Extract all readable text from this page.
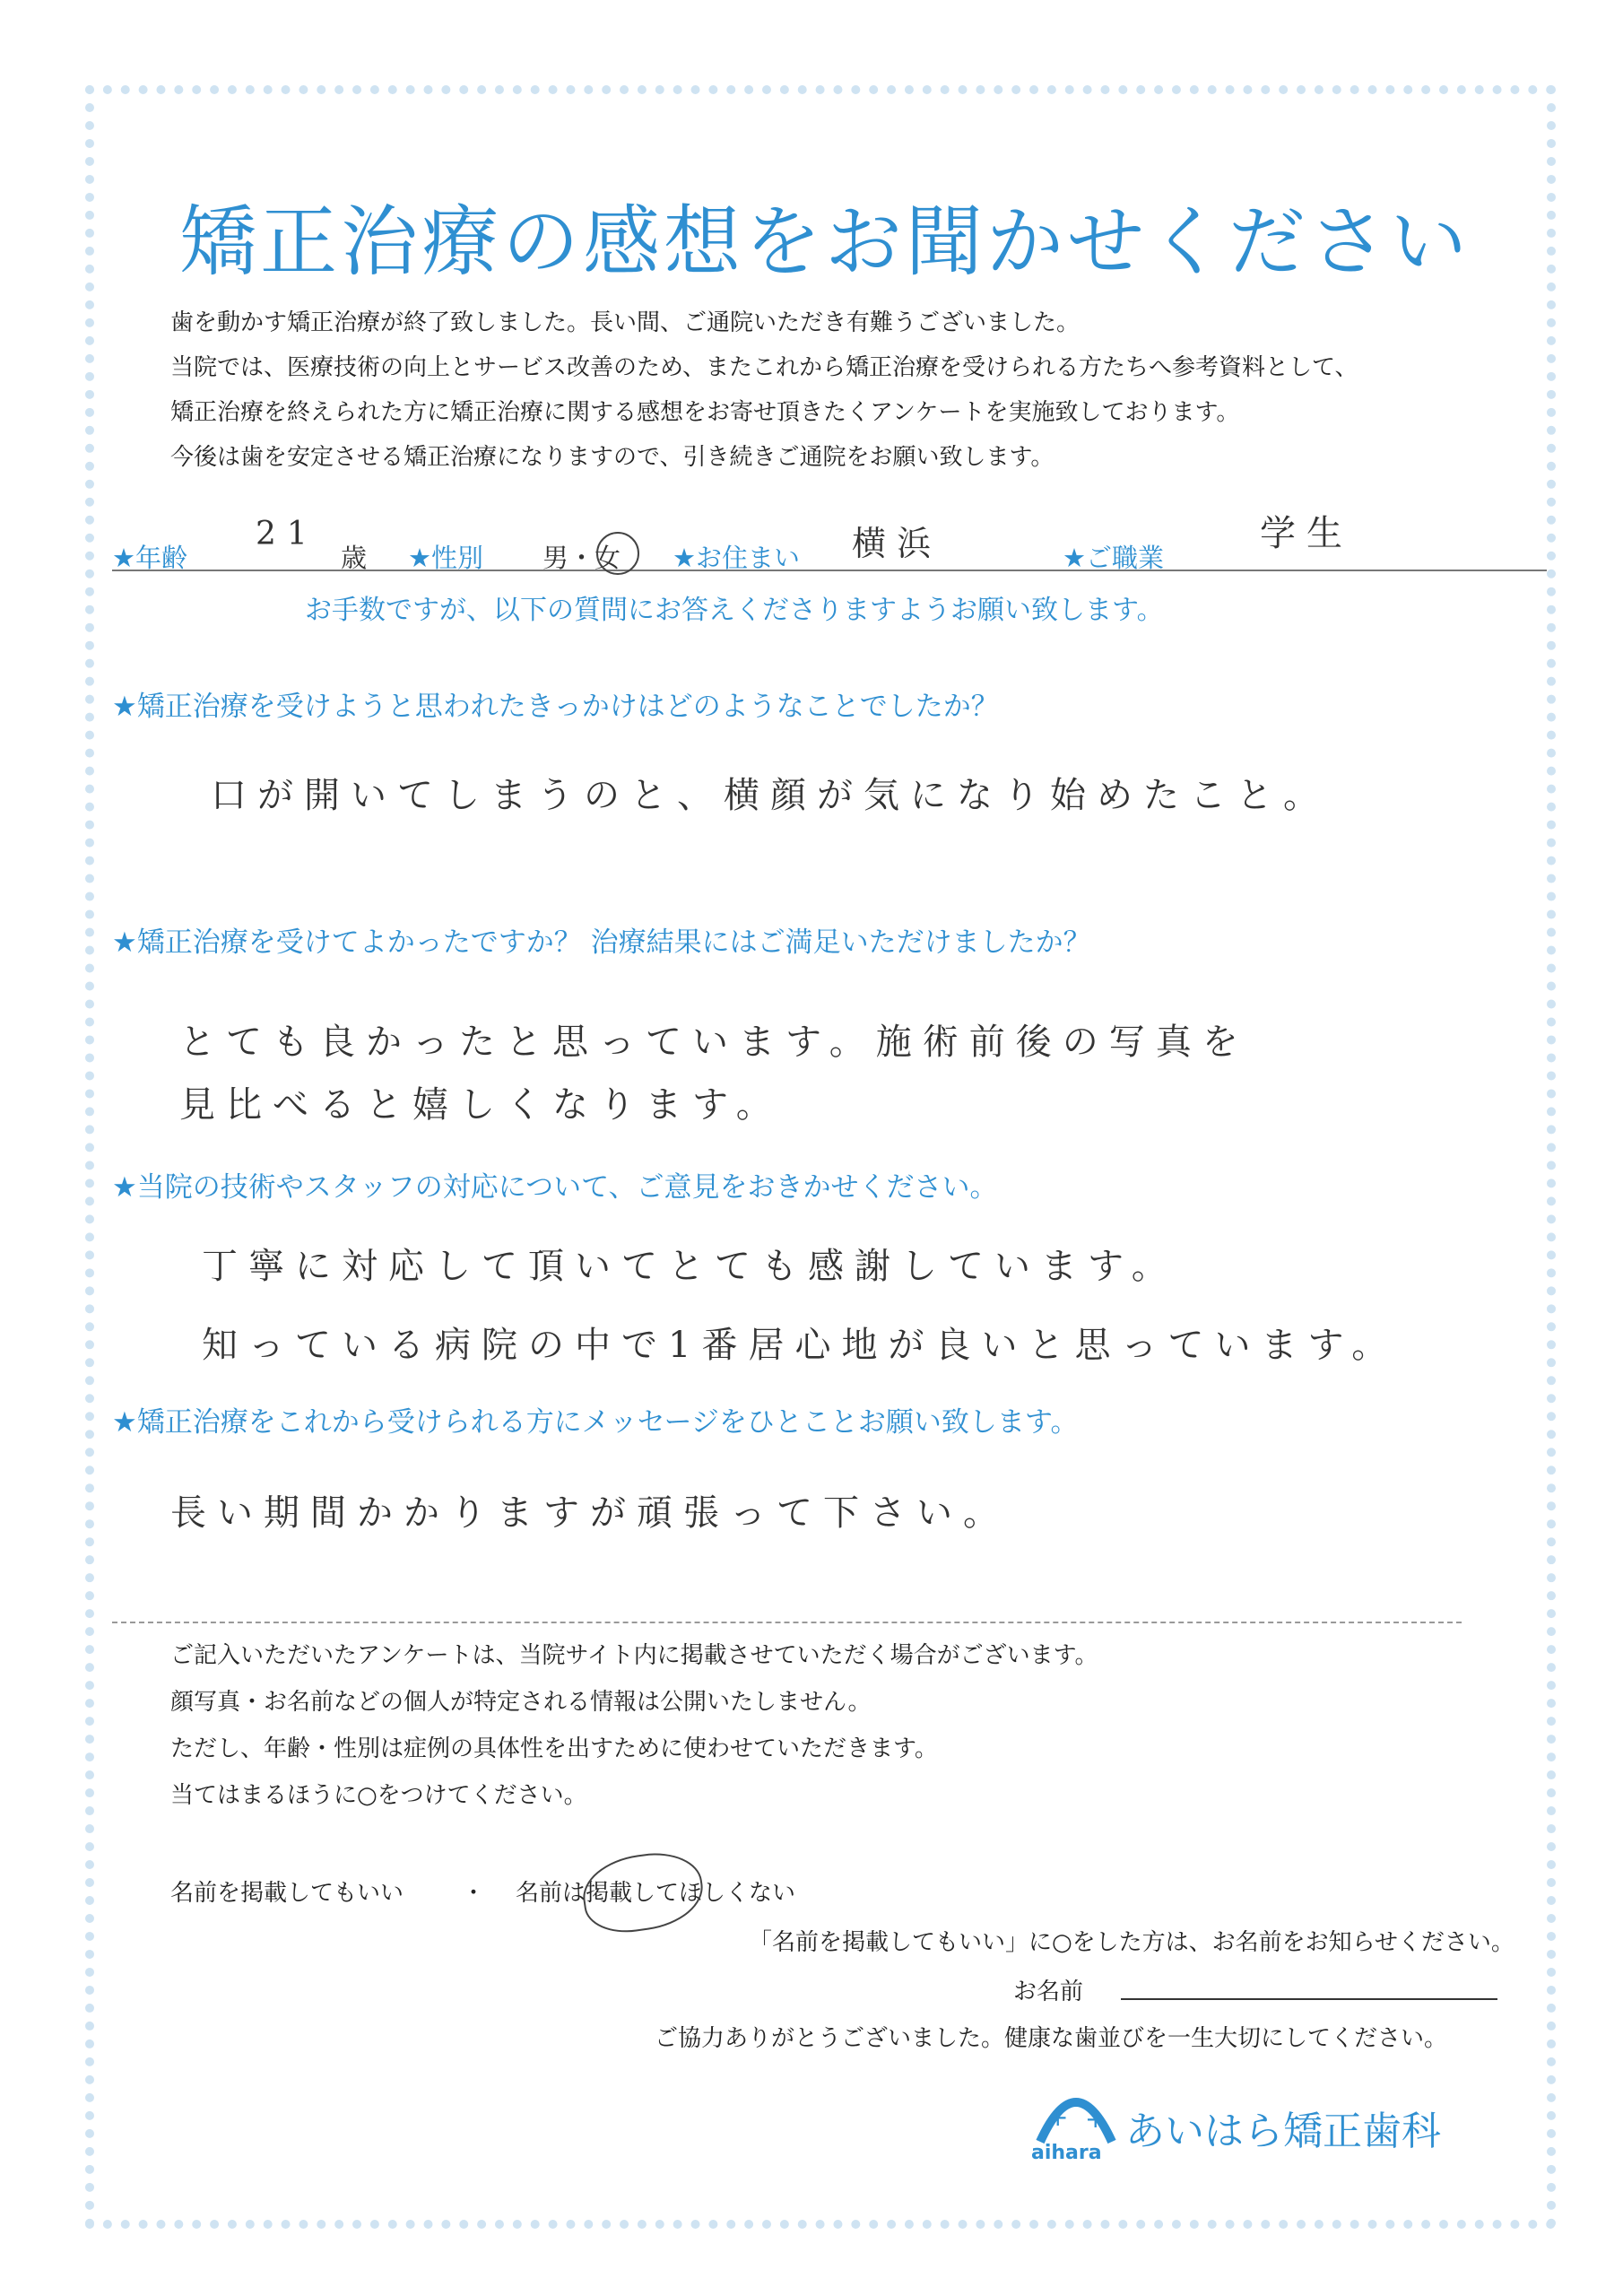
矯正治療の感想をお聞かせください
歯を動かす矯正治療が終了致しました。長い間、ご通院いただき有難うございました。
当院では、医療技術の向上とサービス改善のため、またこれから矯正治療を受けられる方たちへ参考資料として、
矯正治療を終えられた方に矯正治療に関する感想をお寄せ頂きたくアンケートを実施致しております。
今後は歯を安定させる矯正治療になりますので、引き続きご通院をお願い致します。
★年齢
21
歳 ★性別 男・女 ★お住まい 横浜	★ご職業
学生
お手数ですが、以下の質問にお答えくださりますようお願い致します。
★矯正治療を受けようと思われたきっかけはどのようなことでしたか？
口が開いてしまうのと、横顔が気になり始めたこと。
★矯正治療を受けてよかったですか？ 治療結果にはご満足いただけましたか？
とても良かったと思っています。施術前後の写真を
見比べると嬉しくなります。
★当院の技術やスタッフの対応について、ご意見をおきかせください。
丁寧に対応して頂いてとても感謝しています。
知っている病院の中で1番居心地が良いと思っています。
★矯正治療をこれから受けられる方にメッセージをひとことお願い致します。
長い期間かかりますが頑張って下さい。
ご記入いただいたアンケートは、当院サイト内に掲載させていただく場合がございます。
顔写真・お名前などの個人が特定される情報は公開いたしません。
ただし、年齢・性別は症例の具体性を出すために使わせていただきます。
当てはまるほうに○をつけてください。
名前を掲載してもいい ・ 名前は掲載してほしくない
「名前を掲載してもいい」に○をした方は、お名前をお知らせください。
お名前
ご協力ありがとうございました。健康な歯並びを一生大切にしてください。
+ +
aihara あいはら矯正歯科
